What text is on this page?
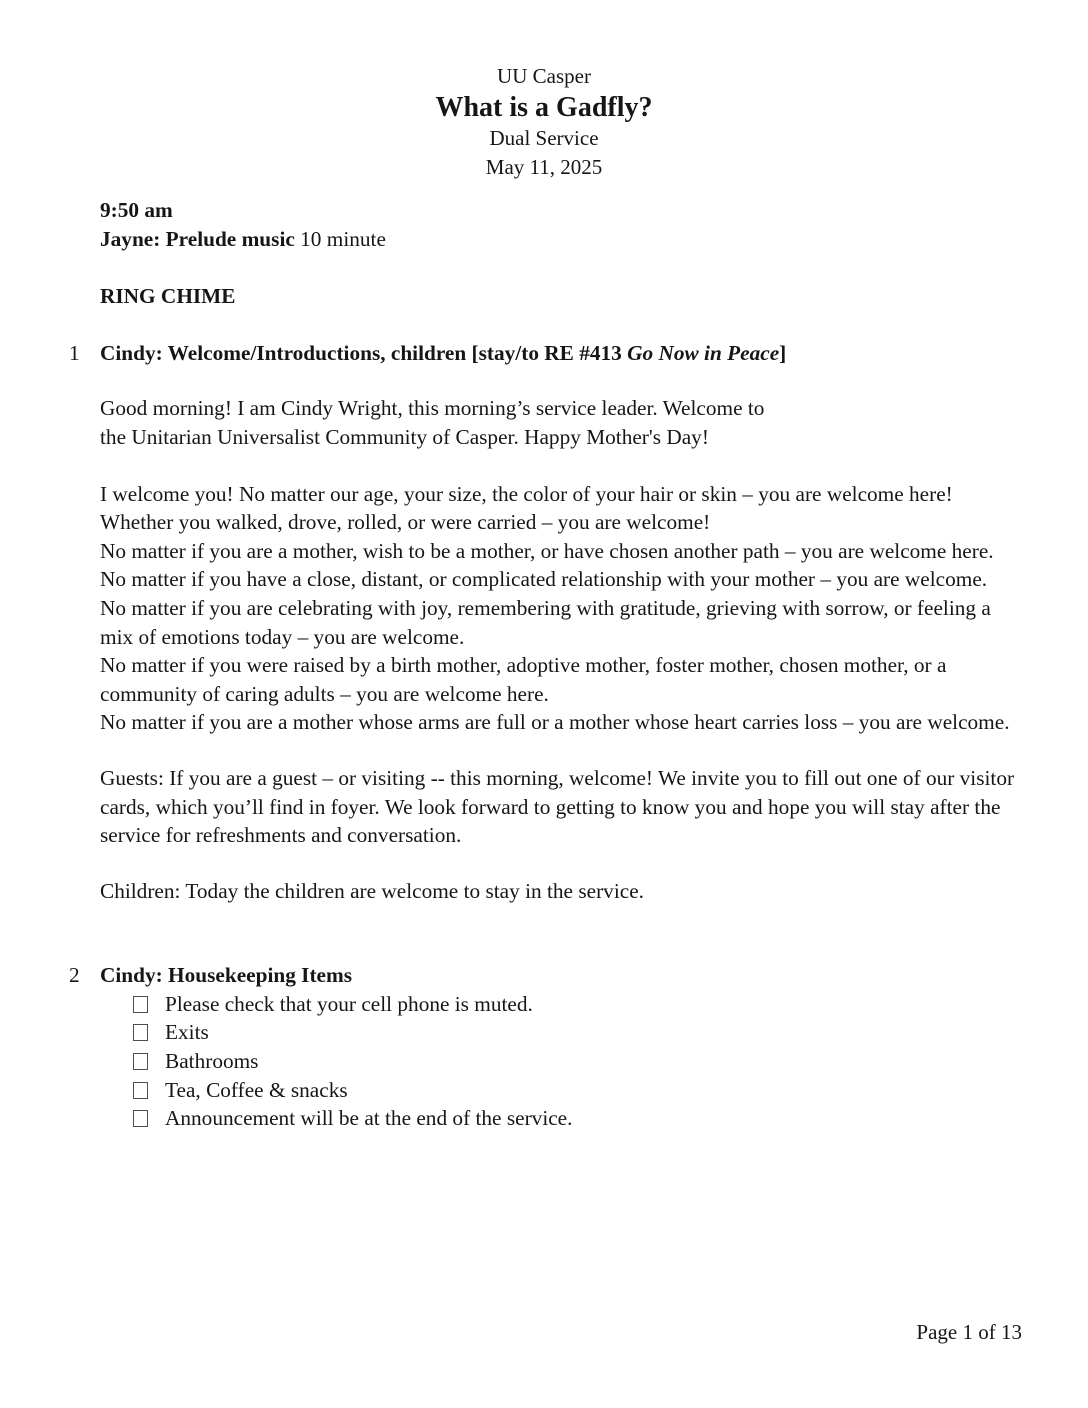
UU Casper
What is a Gadfly?
Dual Service
May 11, 2025
9:50 am
Jayne: Prelude music 10 minute
RING CHIME
1 Cindy: Welcome/Introductions, children [stay/to RE #413 Go Now in Peace]
Good morning! I am Cindy Wright, this morning’s service leader. Welcome to
the Unitarian Universalist Community of Casper. Happy Mother's Day!
I welcome you! No matter our age, your size, the color of your hair or skin – you are welcome here!
Whether you walked, drove, rolled, or were carried – you are welcome!
No matter if you are a mother, wish to be a mother, or have chosen another path – you are welcome here.
No matter if you have a close, distant, or complicated relationship with your mother – you are welcome.
No matter if you are celebrating with joy, remembering with gratitude, grieving with sorrow, or feeling a mix of emotions today – you are welcome.
No matter if you were raised by a birth mother, adoptive mother, foster mother, chosen mother, or a community of caring adults – you are welcome here.
No matter if you are a mother whose arms are full or a mother whose heart carries loss – you are welcome.
Guests: If you are a guest – or visiting -- this morning, welcome! We invite you to fill out one of our visitor cards, which you’ll find in foyer. We look forward to getting to know you and hope you will stay after the service for refreshments and conversation.
Children: Today the children are welcome to stay in the service.
2 Cindy: Housekeeping Items
Please check that your cell phone is muted.
Exits
Bathrooms
Tea, Coffee & snacks
Announcement will be at the end of the service.
Page 1 of 13
